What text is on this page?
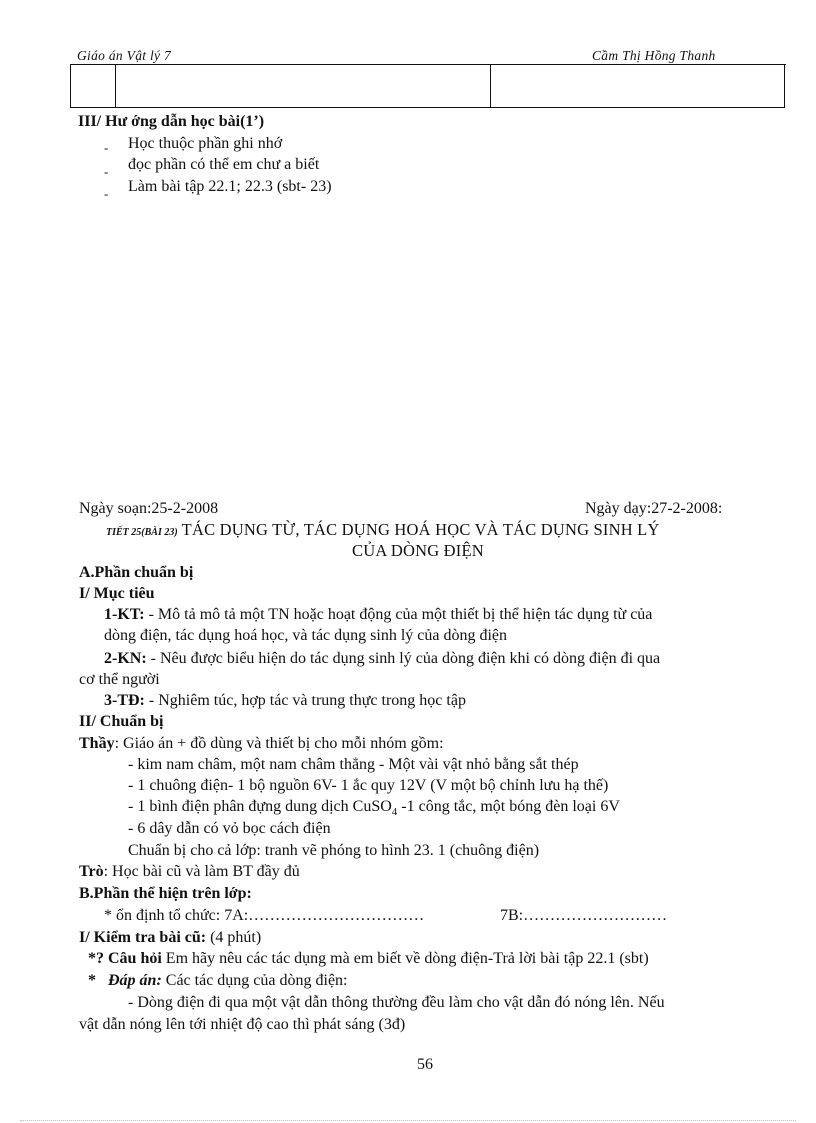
Giáo án Vật lý 7	Cầm Thị Hồng Thanh
III/ Hư ớng dẫn học bài(1’)
- Học thuộc phần ghi nhớ
- đọc phần có thể em chư a biết
- Làm bài tập 22.1; 22.3 (sbt- 23)
Ngày soạn:25-2-2008	Ngày dạy:27-2-2008:
TIẾT 25(BÀI 23) TÁC DỤNG TỪ, TÁC DỤNG HOÁ HỌC VÀ TÁC DỤNG SINH LÝ
CỦA DÒNG ĐIỆN
A.Phần chuẩn bị
I/ Mục tiêu
1-KT: - Mô tả mô tả một TN hoặc hoạt động của một thiết bị thể hiện tác dụng từ của
dòng điện, tác dụng hoá học, và tác dụng sinh lý của dòng điện
2-KN: - Nêu được biểu hiện do tác dụng sinh lý của dòng điện khi có dòng điện đi qua
cơ thể người
3-TĐ: - Nghiêm túc, hợp tác và trung thực trong học tập
II/ Chuẩn bị
Thầy: Giáo án + đồ dùng và thiết bị cho mỗi nhóm gồm:
- kim nam châm, một nam châm thẳng - Một vài vật nhỏ bằng sắt thép
- 1 chuông điện- 1 bộ nguồn 6V- 1 ắc quy 12V (V một bộ chỉnh lưu hạ thế)
- 1 bình điện phân đựng dung dịch CuSO$_4$ -1 công tắc, một bóng đèn loại 6V
- 6 dây dẫn có vỏ bọc cách điện
Chuẩn bị cho cả lớp: tranh vẽ phóng to hình 23. 1 (chuông điện)
Trò: Học bài cũ và làm BT đầy đủ
B.Phần thể hiện trên lớp:
* ổn định tổ chức: 7A:……………………………	7B:………………………
I/ Kiểm tra bài cũ: (4 phút)
*? Câu hỏi Em hãy nêu các tác dụng mà em biết về dòng điện-Trả lời bài tập 22.1 (sbt)
* Đáp án: Các tác dụng của dòng điện:
- Dòng điện đi qua một vật dẫn thông thường đều làm cho vật dẫn đó nóng lên. Nếu
vật dẫn nóng lên tới nhiệt độ cao thì phát sáng (3đ)
56
